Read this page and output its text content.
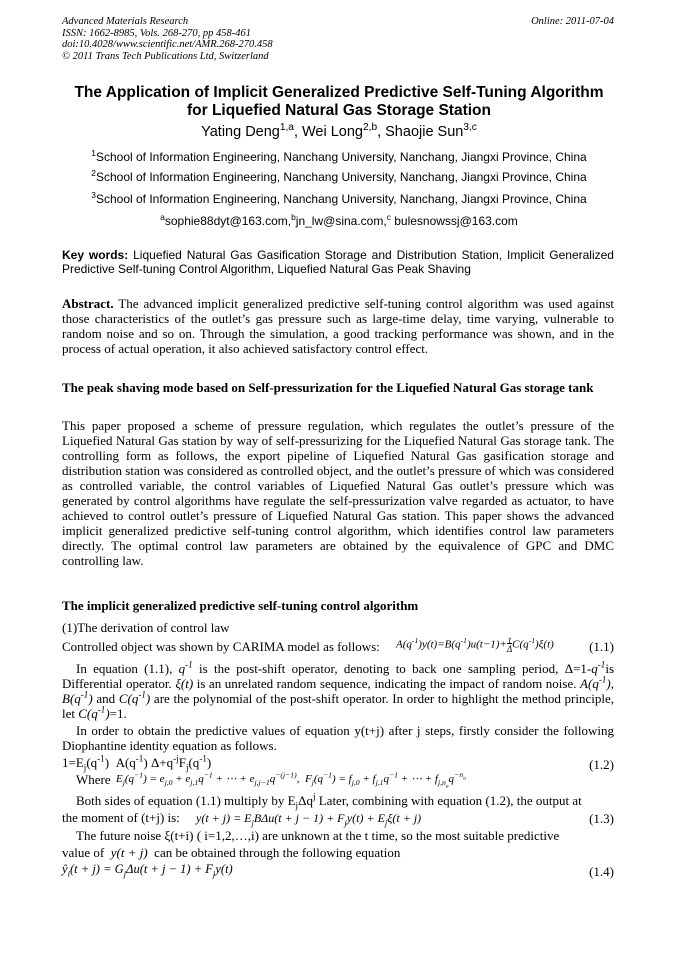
Advanced Materials Research
ISSN: 1662-8985, Vols. 268-270, pp 458-461
doi:10.4028/www.scientific.net/AMR.268-270.458
© 2011 Trans Tech Publications Ltd, Switzerland
Online: 2011-07-04
The Application of Implicit Generalized Predictive Self-Tuning Algorithm
for Liquefied Natural Gas Storage Station
Yating Deng$^{1,a}$, Wei Long$^{2,b}$, Shaojie Sun$^{3,c}$
$^1$School of Information Engineering, Nanchang University, Nanchang, Jiangxi Province, China
$^2$School of Information Engineering, Nanchang University, Nanchang, Jiangxi Province, China
$^3$School of Information Engineering, Nanchang University, Nanchang, Jiangxi Province, China
$^a$sophie88dyt@163.com,$^b$jn_lw@sina.com,$^c$ bulesnowssj@163.com
Key words: Liquefied Natural Gas Gasification Storage and Distribution Station, Implicit Generalized Predictive Self-tuning Control Algorithm, Liquefied Natural Gas Peak Shaving
Abstract. The advanced implicit generalized predictive self-tuning control algorithm was used against those characteristics of the outlet’s gas pressure such as large-time delay, time varying, vulnerable to random noise and so on. Through the simulation, a good tracking performance was shown, and in the process of actual operation, it also achieved satisfactory control effect.
The peak shaving mode based on Self-pressurization for the Liquefied Natural Gas storage tank
This paper proposed a scheme of pressure regulation, which regulates the outlet’s pressure of the Liquefied Natural Gas station by way of self-pressurizing for the Liquefied Natural Gas storage tank. The controlling form as follows, the export pipeline of Liquefied Natural Gas gasification storage and distribution station was considered as controlled object, and the outlet’s pressure of which was considered as controlled variable, the control variables of Liquefied Natural Gas outlet’s pressure which was generated by control algorithms have regulate the self-pressurization valve regarded as actuator, to have achieved to control outlet’s pressure of Liquefied Natural Gas station. This paper shows the advanced implicit generalized predictive self-tuning control algorithm, which identifies control law parameters directly. The optimal control law parameters are obtained by the equivalence of GPC and DMC controlling law.
The implicit generalized predictive self-tuning control algorithm
(1)The derivation of control law
Controlled object was shown by CARIMA model as follows: $A(q^{-1})y(t)=B(q^{-1})u(t-1)+1$
$\Delta C(q^{-1})\xi(t)$	(1.1)
In equation (1.1), $q^{-1}$ is the post-shift operator, denoting to back one sampling period, $\Delta=1-q^{-1}is$ Differential operator. ξ(t) is an unrelated random sequence, indicating the impact of random noise. $A(q^{-1})$, $B(q^{-1})$ and $C(q^{-1})$ are the polynomial of the post-shift operator. In order to highlight the method principle, let $C(q^{-1})=1$.
In order to obtain the predictive values of equation y(t+j) after j steps, firstly consider the following Diophantine identity equation as follows.
$1=E_j(q^{-1})$  $A(q^{-1})$ $\Delta+q^{-j}F_j(q^{-1})$	(1.2)
Where $E_j(q^{-1}) = e_{j,0} + e_{j,1}q^{-1}$ + ⋯ + $e_{j,j-1}q^{-(j-1)}$,  $F_j(q^{-1}) = f_{j,0} + f_{j,1}q^{-1}$ + ⋯ + $f_{j,n_a}q^{-n_a}$
Both sides of equation (1.1) multiply by $E_j\Delta q^j$ Later, combining with equation (1.2), the output at
the moment of (t+j) is: $y(t + j) = E_jB\Delta u(t + j - 1) + F_jy(t) + E_j\xi(t + j)$	(1.3)
The future noise ξ(t+i) ( i=1,2,…,i) are unknown at the t time, so the most suitable predictive
value of y(t + j) can be obtained through the following equation
$ŷ_i(t + j) = G_j\Delta u(t + j - 1) + F_jy(t)$	(1.4)
